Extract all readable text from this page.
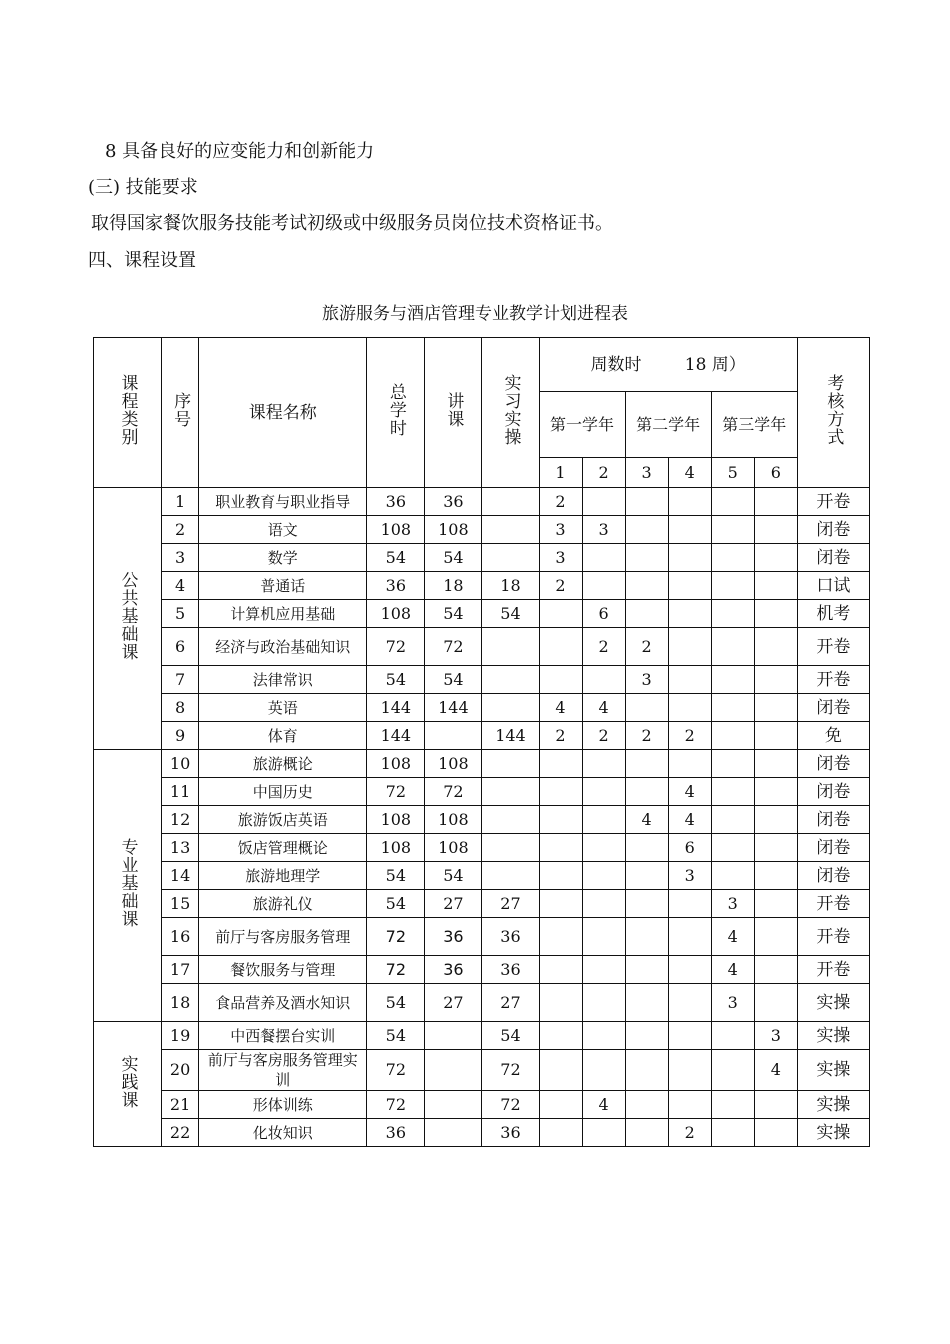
8 具备良好的应变能力和创新能力
(三) 技能要求
取得国家餐饮服务技能考试初级或中级服务员岗位技术资格证书。
四、课程设置
旅游服务与酒店管理专业教学计划进程表
课程类别	序号	课程名称	总学时	讲课	实习实操	周数时        18 周）						考核方式
						第一学年		第二学年		第三学年		
						1	2	3	4	5	6	
公共基础课	1	职业教育与职业指导	36	36		2						开卷
	2	语文	108	108		3	3					闭卷
	3	数学	54	54		3						闭卷
	4	普通话	36	18	18	2						口试
	5	计算机应用基础	108	54	54		6					机考
	6	经济与政治基础知识	72	72			2	2				开卷
	7	法律常识	54	54				3				开卷
	8	英语	144	144		4	4					闭卷
	9	体育	144		144	2	2	2	2			免
专业基础课	10	旅游概论	108	108								闭卷
	11	中国历史	72	72					4			闭卷
	12	旅游饭店英语	108	108				4	4			闭卷
	13	饭店管理概论	108	108					6			闭卷
	14	旅游地理学	54	54					3			闭卷
	15	旅游礼仪	54	27	27					3		开卷
	16	前厅与客房服务管理	72	36	36					4		开卷
	17	餐饮服务与管理	72	36	36					4		开卷
	18	食品营养及酒水知识	54	27	27					3		实操
实践课	19	中西餐摆台实训	54		54						3	实操
	20	前厅与客房服务管理实训	72		72						4	实操
	21	形体训练	72		72		4					实操
	22	化妆知识	36		36				2			实操
